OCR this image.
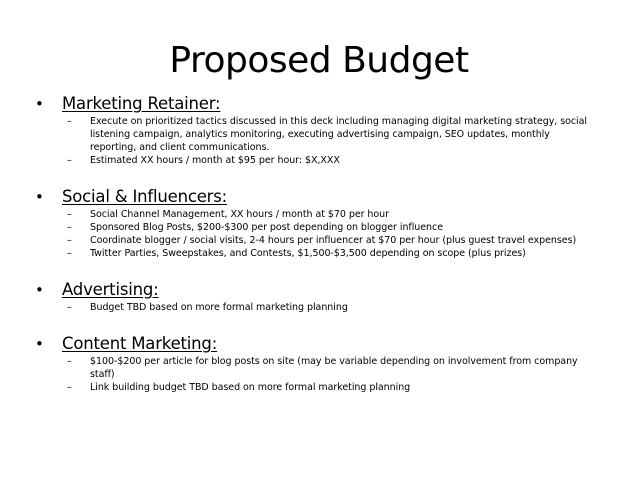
Proposed Budget
•	Marketing Retainer:
–	Execute on prioritized tactics discussed in this deck including managing digital marketing strategy, social listening campaign, analytics monitoring, executing advertising campaign, SEO updates, monthly reporting, and client communications.
–	Estimated XX hours / month at $95 per hour: $X,XXX
•	Social & Influencers:
–	Social Channel Management, XX hours / month at $70 per hour
–	Sponsored Blog Posts, $200-$300 per post depending on blogger influence
–	Coordinate blogger / social visits, 2-4 hours per influencer at $70 per hour (plus guest travel expenses)
–	Twitter Parties, Sweepstakes, and Contests, $1,500-$3,500 depending on scope (plus prizes)
•	Advertising:
–	Budget TBD based on more formal marketing planning
•	Content Marketing:
–	$100-$200 per article for blog posts on site (may be variable depending on involvement from company staff)
–	Link building budget TBD based on more formal marketing planning
